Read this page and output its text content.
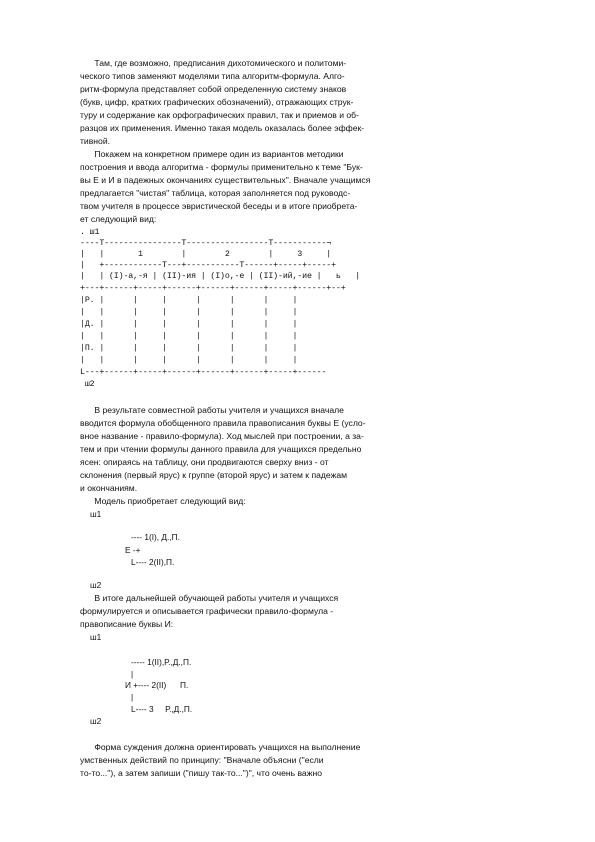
Там, где возможно, предписания дихотомического и политоми-
ческого типов заменяют моделями типа алгоритм-формула. Алго-
ритм-формула представляет собой определенную систему знаков
(букв, цифр, кратких графических обозначений), отражающих струк-
туру и содержание как орфографических правил, так и приемов и об-
разцов их применения. Именно такая модель оказалась более эффек-
тивной.
Покажем на конкретном примере один из вариантов методики
построения и ввода алгоритма - формулы применительно к теме "Бук-
вы Е и И в падежных окончаниях существительных". Вначале учащимся
предлагается "чистая" таблица, которая заполняется под руководс-
твом учителя в процессе эвристической беседы и в итоге приобрета-
ет следующий вид:
. ш1
----T----------------T-----------------T-----------¬
|   |       1        |        2        |     3     |
|   +------------T---+-----------T------+-----+-----+
|   | (I)-а,-я | (II)-ия | (I)о,-е | (II)-ий,-ие |   ь   |
+---+------+-----+------+------+------+-----+------+--+
|Р. |      |     |      |      |      |     |
|   |      |     |      |      |      |     |
|Д. |      |     |      |      |      |     |
|   |      |     |      |      |      |     |
|П. |      |     |      |      |      |     |
|   |      |     |      |      |      |     |
L---+------+-----+------+------+------+-----+------
ш2
В результате совместной работы учителя и учащихся вначале
вводится формула обобщенного правила правописания буквы Е (усло-
вное название - правило-формула). Ход мыслей при построении, а за-
тем и при чтении формулы данного правила для учащихся предельно
ясен: опираясь на таблицу, они продвигаются сверху вниз - от
склонения (первый ярус) к группе (второй ярус) и затем к падежам
и окончаниям.
Модель приобретает следующий вид:
ш1
---- 1(I), Д.,П.
Е -+
L---- 2(II),П.
ш2
В итоге дальнейшей обучающей работы учителя и учащихся
формулируется и описывается графически правило-формула -
правописание буквы И:
ш1
----- 1(II),Р.,Д.,П.
|
И +---- 2(II)      П.
|
L---- 3     Р.,Д.,П.
ш2
Форма суждения должна ориентировать учащихся на выполнение
умственных действий по принципу: "Вначале объясни ("если
то-то..."), а затем запиши ("пишу так-то...")", что очень важно
